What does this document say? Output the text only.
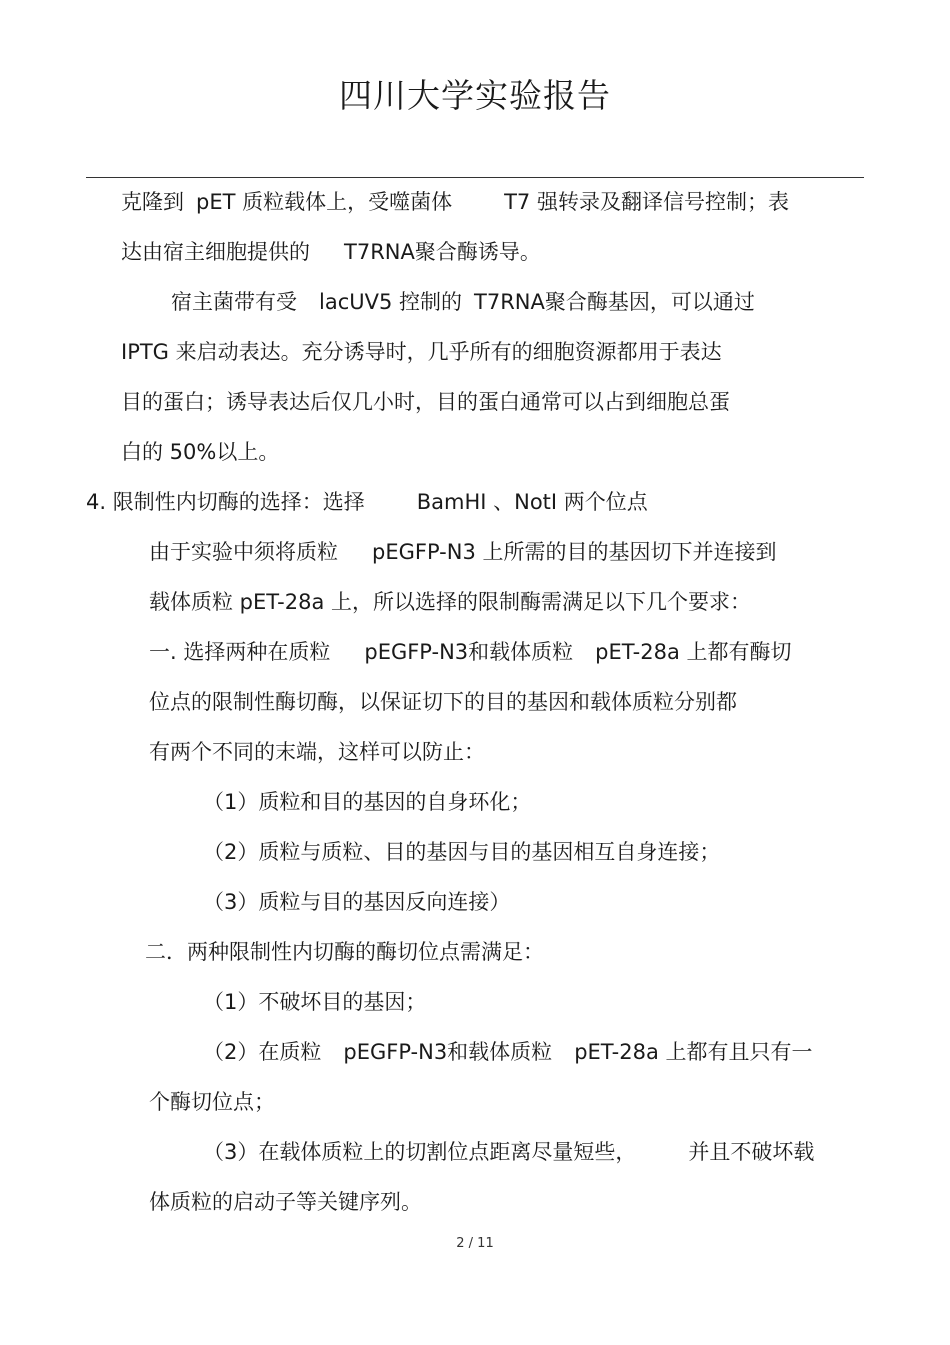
四川大学实验报告
克隆到 pET 质粒载体上，受噬菌体 T7 强转录及翻译信号控制；表
达由宿主细胞提供的 T7RNA聚合酶诱导。
宿主菌带有受 lacUV5 控制的 T7RNA聚合酶基因，可以通过
IPTG 来启动表达。充分诱导时，几乎所有的细胞资源都用于表达
目的蛋白；诱导表达后仅几小时，目的蛋白通常可以占到细胞总蛋
白的 50%以上。
4. 限制性内切酶的选择：选择 BamHI 、NotI 两个位点
由于实验中须将质粒 pEGFP-N3 上所需的目的基因切下并连接到
载体质粒 pET-28a 上，所以选择的限制酶需满足以下几个要求：
一. 选择两种在质粒 pEGFP-N3和载体质粒 pET-28a 上都有酶切
位点的限制性酶切酶，以保证切下的目的基因和载体质粒分别都
有两个不同的末端，这样可以防止：
（1）质粒和目的基因的自身环化；
（2）质粒与质粒、目的基因与目的基因相互自身连接；
（3）质粒与目的基因反向连接）
二．两种限制性内切酶的酶切位点需满足：
（1）不破坏目的基因；
（2）在质粒 pEGFP-N3和载体质粒 pET-28a 上都有且只有一
个酶切位点；
（3）在载体质粒上的切割位点距离尽量短些， 并且不破坏载
体质粒的启动子等关键序列。
2 / 11
